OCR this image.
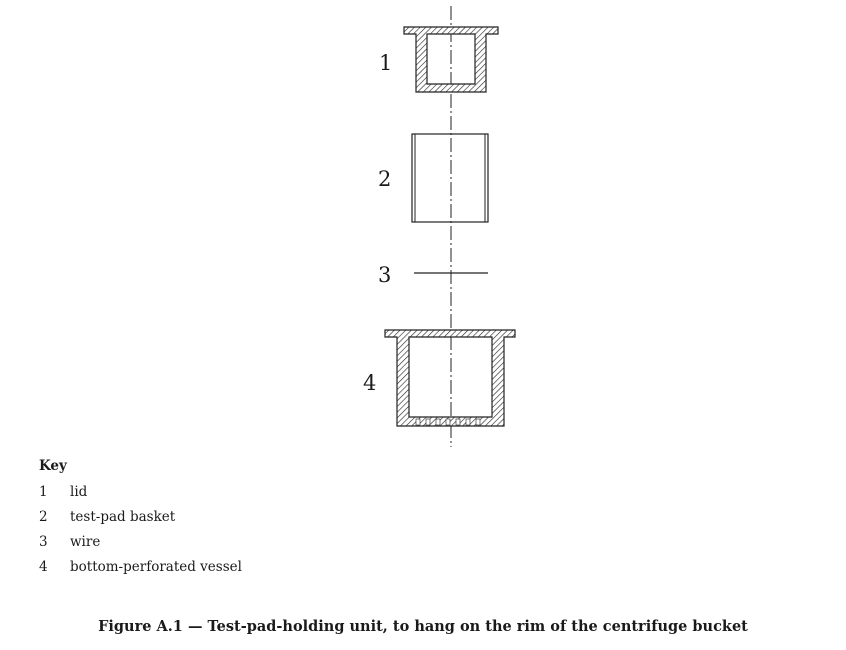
1
2
3
4
Key
1	lid
2	test-pad basket
3	wire
4	bottom-perforated vessel
Figure A.1 — Test-pad-holding unit, to hang on the rim of the centrifuge bucket
